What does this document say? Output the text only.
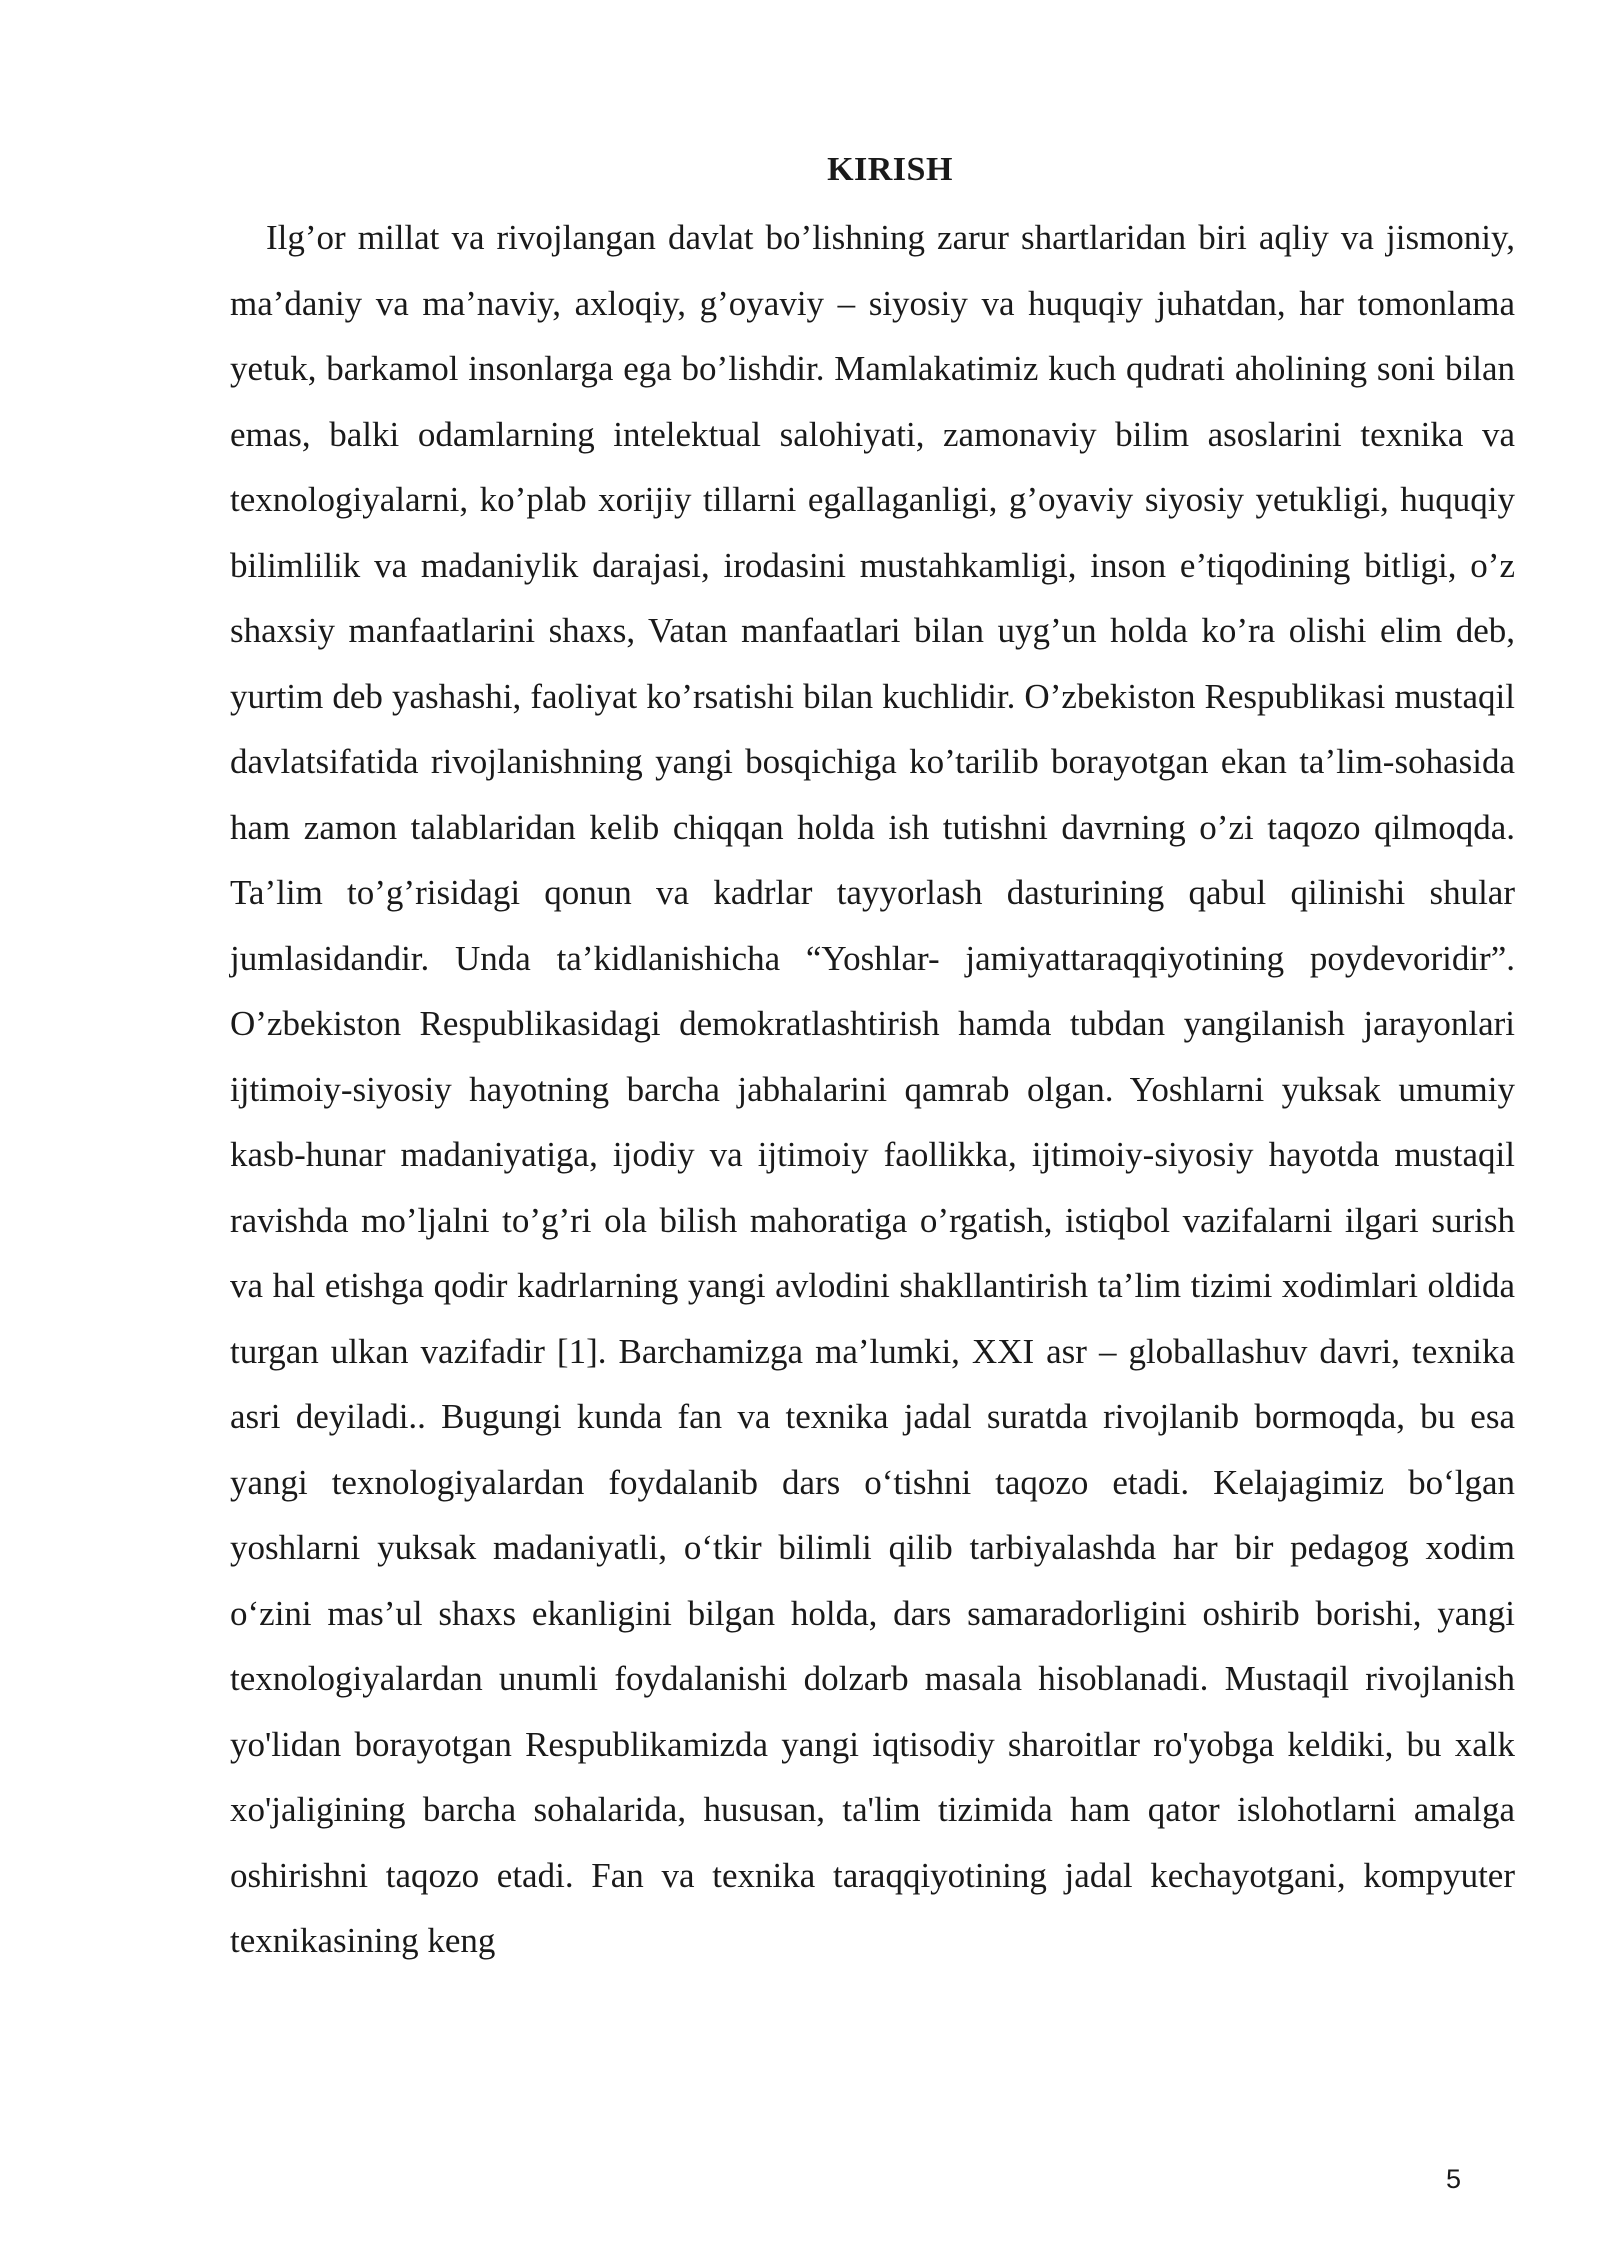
KIRISH

Ilg’or millat va rivojlangan davlat bo’lishning zarur shartlaridan biri aqliy va jismoniy, ma’daniy va ma’naviy, axloqiy, g’oyaviy – siyosiy va huquqiy juhatdan, har tomonlama yetuk, barkamol insonlarga ega bo’lishdir. Mamlakatimiz kuch qudrati aholining soni bilan emas, balki odamlarning intelektual salohiyati, zamonaviy bilim asoslarini texnika va texnologiyalarni, ko’plab xorijiy tillarni egallaganligi, g’oyaviy siyosiy yetukligi, huquqiy bilimlilik va madaniylik darajasi, irodasini mustahkamligi, inson e’tiqodining bitligi, o’z shaxsiy manfaatlarini shaxs, Vatan manfaatlari bilan uyg’un holda ko’ra olishi elim deb, yurtim deb yashashi, faoliyat ko’rsatishi bilan kuchlidir. O’zbekiston Respublikasi mustaqil davlatsifatida rivojlanishning yangi bosqichiga ko’tarilib borayotgan ekan ta’lim-sohasida ham zamon talablaridan kelib chiqqan holda ish tutishni davrning o’zi taqozo qilmoqda. Ta’lim to’g’risidagi qonun va kadrlar tayyorlash dasturining qabul qilinishi shular jumlasidandir. Unda ta’kidlanishicha “Yoshlar- jamiyattaraqqiyotining poydevoridir”. O’zbekiston Respublikasidagi demokratlashtirish hamda tubdan yangilanish jarayonlari ijtimoiy-siyosiy hayotning barcha jabhalarini qamrab olgan. Yoshlarni yuksak umumiy kasb-hunar madaniyatiga, ijodiy va ijtimoiy faollikka, ijtimoiy-siyosiy hayotda mustaqil ravishda mo’ljalni to’g’ri ola bilish mahoratiga o’rgatish, istiqbol vazifalarni ilgari surish va hal etishga qodir kadrlarning yangi avlodini shakllantirish ta’lim tizimi xodimlari oldida turgan ulkan vazifadir [1]. Barchamizga ma’lumki, XXI asr – globallashuv davri, texnika asri deyiladi.. Bugungi kunda fan va texnika jadal suratda rivojlanib bormoqda, bu esa yangi texnologiyalardan foydalanib dars o‘tishni taqozo etadi. Kelajagimiz bo‘lgan yoshlarni yuksak madaniyatli, o‘tkir bilimli qilib tarbiyalashda har bir pedagog xodim o‘zini mas’ul shaxs ekanligini bilgan holda, dars samaradorligini oshirib borishi, yangi texnologiyalardan unumli foydalanishi dolzarb masala hisoblanadi. Mustaqil rivojlanish yo'lidan borayotgan Respublikamizda yangi iqtisodiy sharoitlar ro'yobga keldiki, bu xalk xo'jaligining barcha sohalarida, hususan, ta'lim tizimida ham qator islohotlarni amalga oshirishni taqozo etadi. Fan va texnika taraqqiyotining jadal kechayotgani, kompyuter texnikasining keng

5
